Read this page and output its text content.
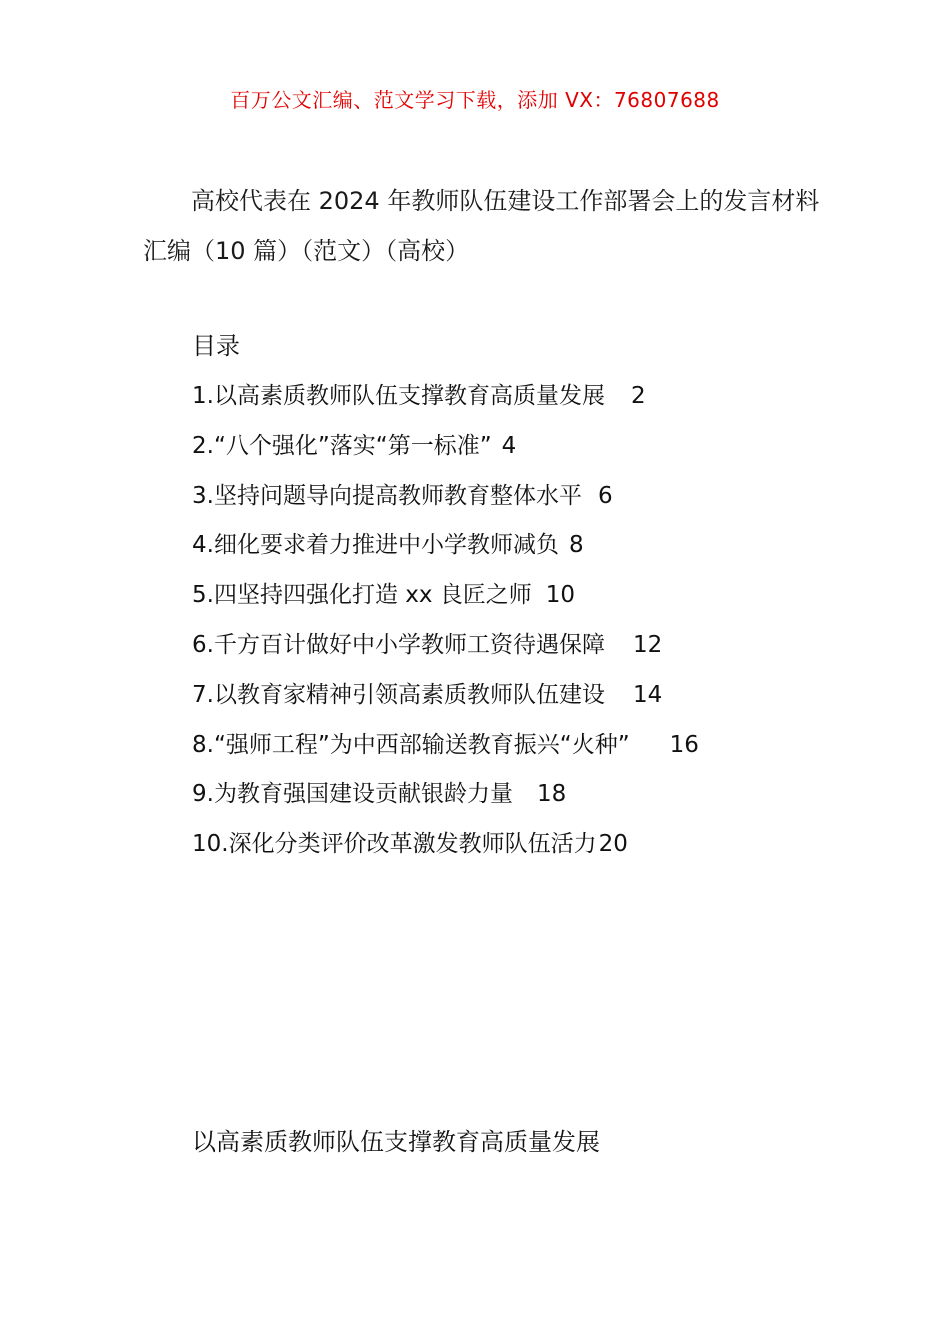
百万公文汇编、范文学习下载，添加 VX：76807688
高校代表在 2024 年教师队伍建设工作部署会上的发言材料汇编（10 篇）（范文）（高校）
目录
1.以高素质教师队伍支撑教育高质量发展 2
2.“八个强化”落实“第一标准” 4
3.坚持问题导向提高教师教育整体水平 6
4.细化要求着力推进中小学教师减负 8
5.四坚持四强化打造 xx 良匠之师 10
6.千方百计做好中小学教师工资待遇保障 12
7.以教育家精神引领高素质教师队伍建设 14
8.“强师工程”为中西部输送教育振兴“火种” 16
9.为教育强国建设贡献银龄力量 18
10.深化分类评价改革激发教师队伍活力20
以高素质教师队伍支撑教育高质量发展
